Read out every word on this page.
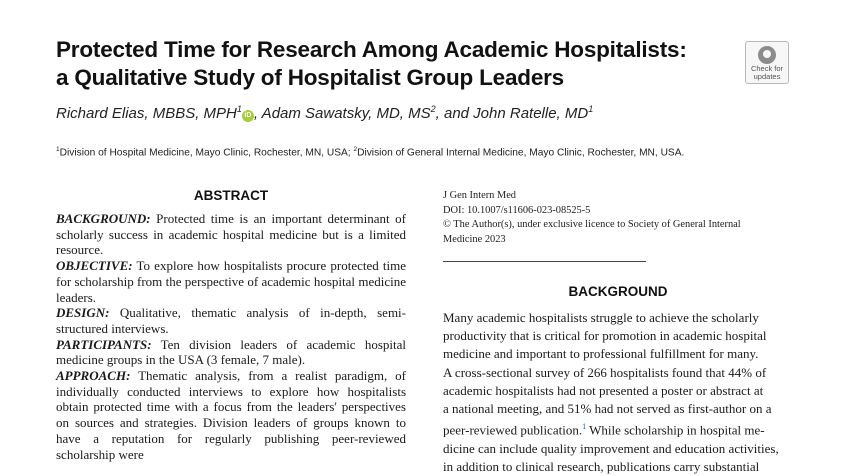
Protected Time for Research Among Academic Hospitalists:
a Qualitative Study of Hospitalist Group Leaders	Check for
updates
Richard Elias, MBBS, MPH$^1$iD , Adam Sawatsky, MD, $MS^2$, and John Ratelle, $MD^1$
$^1$Division of Hospital Medicine, Mayo Clinic, Rochester, MN, USA; $^2$Division of General Internal Medicine, Mayo Clinic, Rochester, MN, USA.
ABSTRACT

BACKGROUND: Protected time is an important determinant of scholarly success in academic hospital medicine but is a limited resource.

OBJECTIVE: To explore how hospitalists procure protected time for scholarship from the perspective of academic hospital medicine leaders.

DESIGN: Qualitative, thematic analysis of in-depth, semi-structured interviews.

PARTICIPANTS: Ten division leaders of academic hospital medicine groups in the USA (3 female, 7 male).

APPROACH: Thematic analysis, from a realist paradigm, of individually conducted interviews to explore how hospitalists obtain protected time with a focus from the leaders' perspectives on sources and strategies. Division leaders of groups known to have a reputation for regularly publishing peer-reviewed scholarship were

J Gen Intern Med
DOI: 10.1007/s11606-023-08525-5
© The Author(s), under exclusive licence to Society of General Internal
Medicine 2023
BACKGROUND
Many academic hospitalists struggle to achieve the scholarly
productivity that is critical for promotion in academic hospital
medicine and important to professional fulfillment for many.
A cross-sectional survey of 266 hospitalists found that 44% of
academic hospitalists had not presented a poster or abstract at
a national meeting, and 51% had not served as first-author on a
peer-reviewed publication.$^1$ While scholarship in hospital me-
dicine can include quality improvement and education activities,
in addition to clinical research, publications carry substantial
